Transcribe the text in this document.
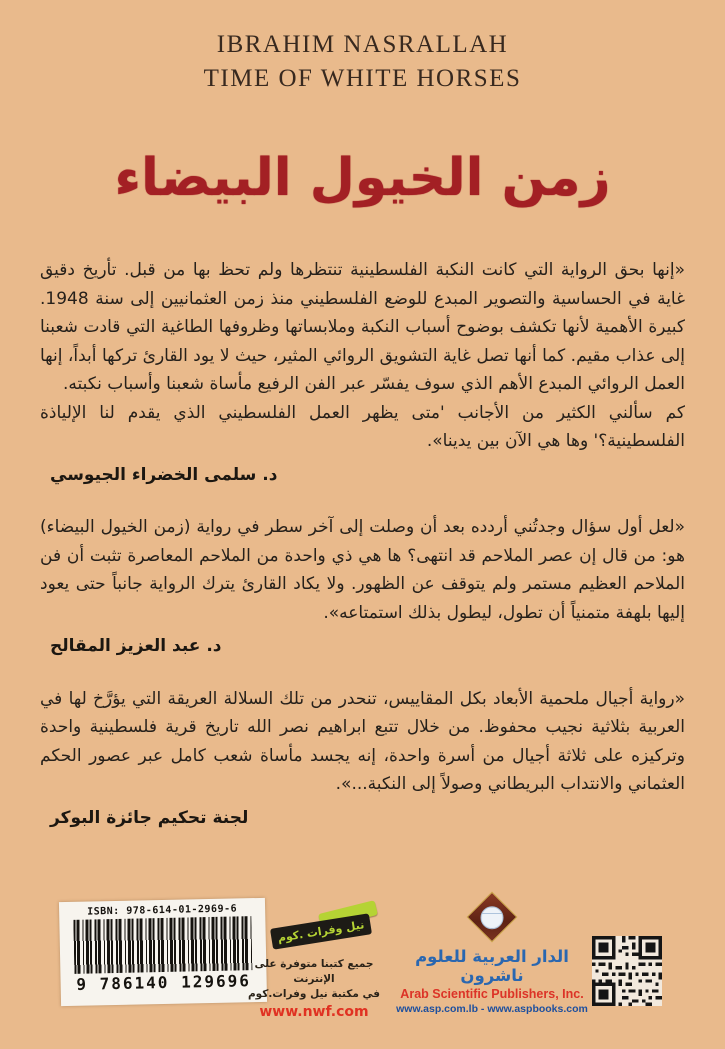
IBRAHIM NASRALLAH
TIME OF WHITE HORSES
زمن الخيول البيضاء

«إنها بحق الرواية التي كانت النكبة الفلسطينية تنتظرها ولم تحظ بها من قبل. تأريخ دقيق غاية في الحساسية والتصوير المبدع للوضع الفلسطيني منذ زمن العثمانيين إلى سنة 1948. كبيرة الأهمية لأنها تكشف بوضوح أسباب النكبة وملابساتها وظروفها الطاغية التي قادت شعبنا إلى عذاب مقيم. كما أنها تصل غاية التشويق الروائي المثير، حيث لا يود القارئ تركها أبداً، إنها العمل الروائي المبدع الأهم الذي سوف يفسّر عبر الفن الرفيع مأساة شعبنا وأسباب نكبته.

كم سألني الكثير من الأجانب 'متى يظهر العمل الفلسطيني الذي يقدم لنا الإلياذة الفلسطينية؟' وها هي الآن بين يدينا».

د. سلمى الخضراء الجيوسي

«لعل أول سؤال وجدتُني أردده بعد أن وصلت إلى آخر سطر في رواية (زمن الخيول البيضاء) هو: من قال إن عصر الملاحم قد انتهى؟ ها هي ذي واحدة من الملاحم المعاصرة تثبت أن فن الملاحم العظيم مستمر ولم يتوقف عن الظهور. ولا يكاد القارئ يترك الرواية جانباً حتى يعود إليها بلهفة متمنياً أن تطول، ليطول بذلك استمتاعه».

د. عبد العزيز المقالح

«رواية أجيال ملحمية الأبعاد بكل المقاييس، تنحدر من تلك السلالة العريقة التي يؤرَّخ لها في العربية بثلاثية نجيب محفوظ. من خلال تتبع ابراهيم نصر الله تاريخ قرية فلسطينية واحدة وتركيزه على ثلاثة أجيال من أسرة واحدة، إنه يجسد مأساة شعب كامل عبر عصور الحكم العثماني والانتداب البريطاني وصولاً إلى النكبة...».

لجنة تحكيم جائزة البوكر
ISBN: 978-614-01-2969-6
9 786140 129696
نيل وفرات .كوم
جميع كتبنا متوفرة على الإنترنت
في مكتبة نيل وفرات.كوم
www.nwf.com
الدار العربية للعلوم ناشرون
Arab Scientific Publishers, Inc.
www.asp.com.lb - www.aspbooks.com
